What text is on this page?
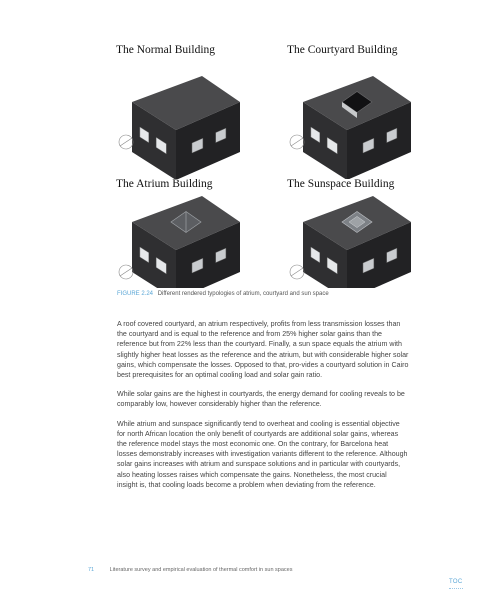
The Normal Building	The Courtyard Building
The Atrium Building	The Sunspace Building
FIGURE 2.24 Different rendered typologies of atrium, courtyard and sun space

A roof covered courtyard, an atrium respectively, profits from less transmission losses than the courtyard and is equal to the reference and from 25% higher solar gains than the reference but from 22% less than the courtyard. Finally, a sun space equals the atrium with slightly higher heat losses as the reference and the atrium, but with considerable higher solar gains, which compensate the losses. Opposed to that, pro-vides a courtyard solution in Cairo best prerequisites for an optimal cooling load and solar gain ratio.

While solar gains are the highest in courtyards, the energy demand for cooling reveals to be comparably low, however considerably higher than the reference.

While atrium and sunspace significantly tend to overheat and cooling is essential objective for north African location the only benefit of courtyards are additional solar gains, whereas the reference model stays the most economic one. On the contrary, for Barcelona heat losses demonstrably increases with investigation variants different to the reference. Although solar gains increases with atrium and sunspace solutions and in particular with courtyards, also heating losses raises which compensate the gains. Nonetheless, the most crucial insight is, that cooling loads become a problem when deviating from the reference.

71	Literature survey and empirical evaluation of thermal comfort in sun spaces
TOC
